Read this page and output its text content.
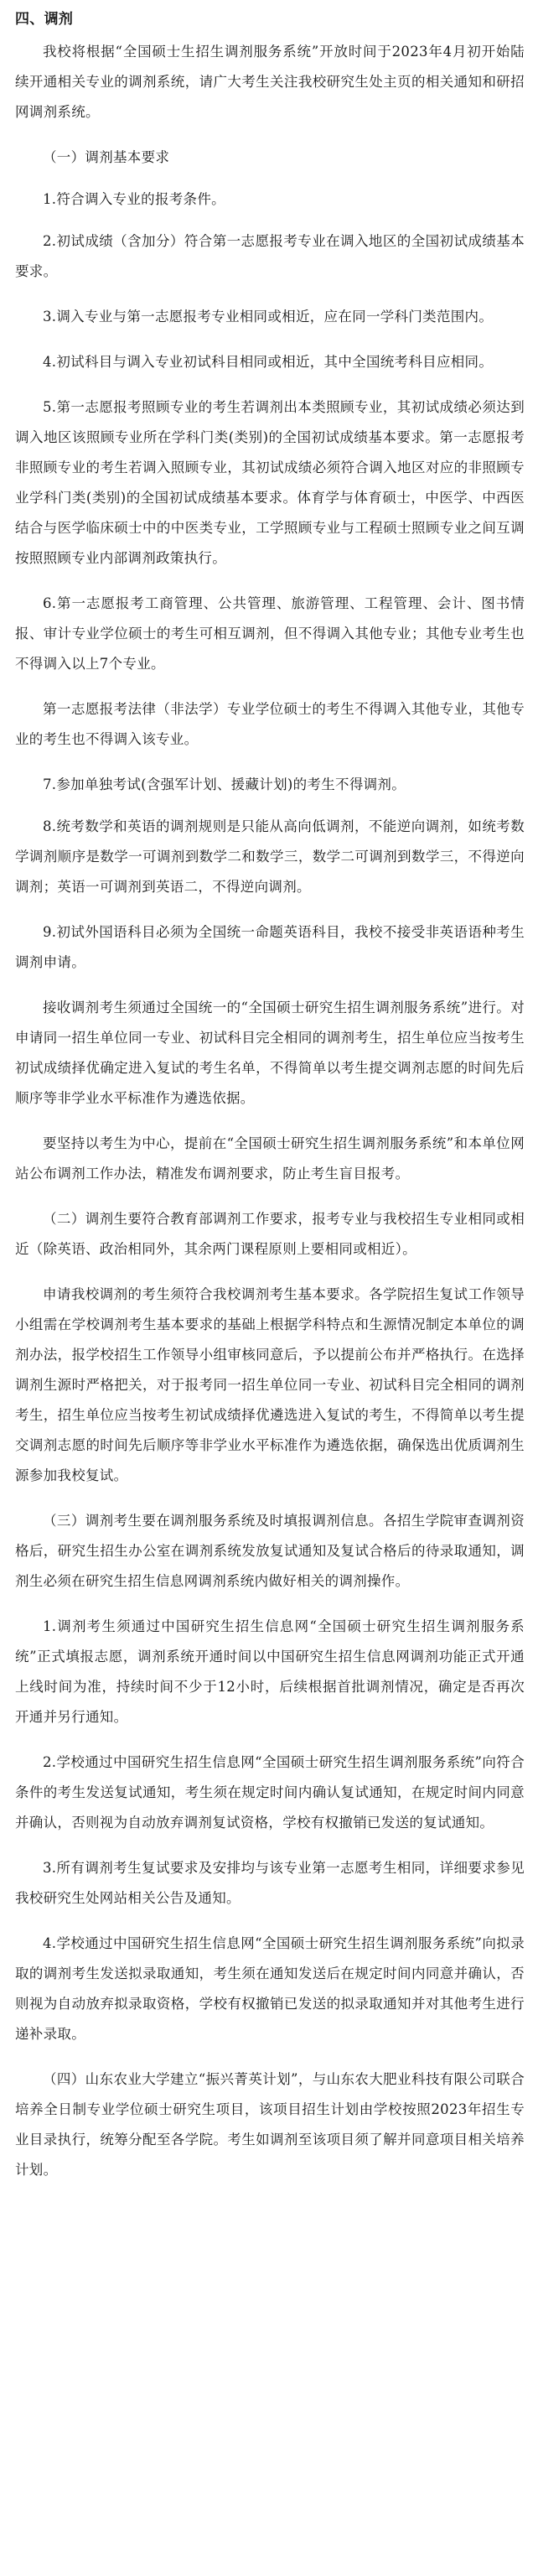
四、调剂
我校将根据“全国硕士生招生调剂服务系统”开放时间于2023年4月初开始陆续开通相关专业的调剂系统，请广大考生关注我校研究生处主页的相关通知和研招网调剂系统。
（一）调剂基本要求
1.符合调入专业的报考条件。
2.初试成绩（含加分）符合第一志愿报考专业在调入地区的全国初试成绩基本要求。
3.调入专业与第一志愿报考专业相同或相近，应在同一学科门类范围内。
4.初试科目与调入专业初试科目相同或相近，其中全国统考科目应相同。
5.第一志愿报考照顾专业的考生若调剂出本类照顾专业，其初试成绩必须达到调入地区该照顾专业所在学科门类(类别)的全国初试成绩基本要求。第一志愿报考非照顾专业的考生若调入照顾专业，其初试成绩必须符合调入地区对应的非照顾专业学科门类(类别)的全国初试成绩基本要求。体育学与体育硕士，中医学、中西医结合与医学临床硕士中的中医类专业，工学照顾专业与工程硕士照顾专业之间互调按照照顾专业内部调剂政策执行。
6.第一志愿报考工商管理、公共管理、旅游管理、工程管理、会计、图书情报、审计专业学位硕士的考生可相互调剂，但不得调入其他专业；其他专业考生也不得调入以上7个专业。
第一志愿报考法律（非法学）专业学位硕士的考生不得调入其他专业，其他专业的考生也不得调入该专业。
7.参加单独考试(含强军计划、援藏计划)的考生不得调剂。
8.统考数学和英语的调剂规则是只能从高向低调剂，不能逆向调剂，如统考数学调剂顺序是数学一可调剂到数学二和数学三，数学二可调剂到数学三，不得逆向调剂；英语一可调剂到英语二，不得逆向调剂。
9.初试外国语科目必须为全国统一命题英语科目，我校不接受非英语语种考生调剂申请。
接收调剂考生须通过全国统一的“全国硕士研究生招生调剂服务系统”进行。对申请同一招生单位同一专业、初试科目完全相同的调剂考生，招生单位应当按考生初试成绩择优确定进入复试的考生名单，不得简单以考生提交调剂志愿的时间先后顺序等非学业水平标准作为遴选依据。
要坚持以考生为中心，提前在“全国硕士研究生招生调剂服务系统”和本单位网站公布调剂工作办法，精准发布调剂要求，防止考生盲目报考。
（二）调剂生要符合教育部调剂工作要求，报考专业与我校招生专业相同或相近（除英语、政治相同外，其余两门课程原则上要相同或相近）。
申请我校调剂的考生须符合我校调剂考生基本要求。各学院招生复试工作领导小组需在学校调剂考生基本要求的基础上根据学科特点和生源情况制定本单位的调剂办法，报学校招生工作领导小组审核同意后，予以提前公布并严格执行。在选择调剂生源时严格把关，对于报考同一招生单位同一专业、初试科目完全相同的调剂考生，招生单位应当按考生初试成绩择优遴选进入复试的考生，不得简单以考生提交调剂志愿的时间先后顺序等非学业水平标准作为遴选依据，确保选出优质调剂生源参加我校复试。
（三）调剂考生要在调剂服务系统及时填报调剂信息。各招生学院审查调剂资格后，研究生招生办公室在调剂系统发放复试通知及复试合格后的待录取通知，调剂生必须在研究生招生信息网调剂系统内做好相关的调剂操作。
1.调剂考生须通过中国研究生招生信息网“全国硕士研究生招生调剂服务系统”正式填报志愿，调剂系统开通时间以中国研究生招生信息网调剂功能正式开通上线时间为准，持续时间不少于12小时，后续根据首批调剂情况，确定是否再次开通并另行通知。
2.学校通过中国研究生招生信息网“全国硕士研究生招生调剂服务系统”向符合条件的考生发送复试通知，考生须在规定时间内确认复试通知，在规定时间内同意并确认，否则视为自动放弃调剂复试资格，学校有权撤销已发送的复试通知。
3.所有调剂考生复试要求及安排均与该专业第一志愿考生相同，详细要求参见我校研究生处网站相关公告及通知。
4.学校通过中国研究生招生信息网“全国硕士研究生招生调剂服务系统”向拟录取的调剂考生发送拟录取通知，考生须在通知发送后在规定时间内同意并确认，否则视为自动放弃拟录取资格，学校有权撤销已发送的拟录取通知并对其他考生进行递补录取。
（四）山东农业大学建立“振兴菁英计划”，与山东农大肥业科技有限公司联合培养全日制专业学位硕士研究生项目，该项目招生计划由学校按照2023年招生专业目录执行，统筹分配至各学院。考生如调剂至该项目须了解并同意项目相关培养计划。
